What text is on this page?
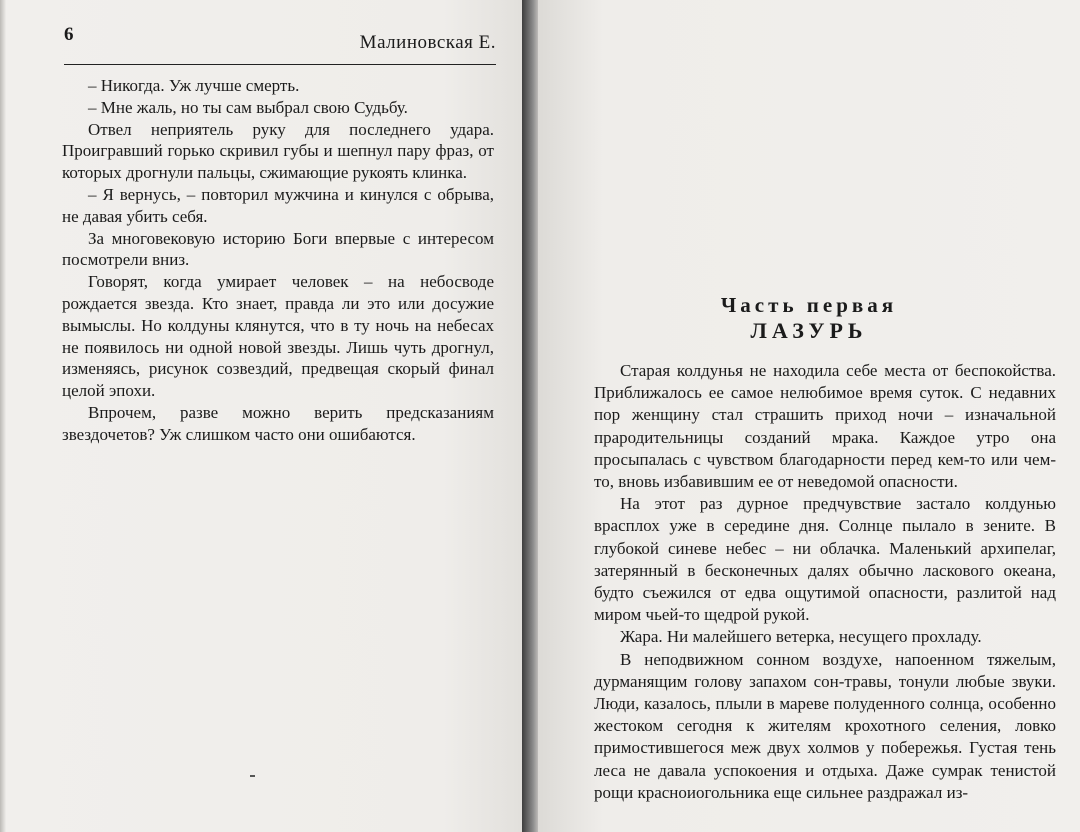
6	Малиновская Е.

– Никогда. Уж лучше смерть.

– Мне жаль, но ты сам выбрал свою Судьбу.

Отвел неприятель руку для последнего удара. Проигравший горько скривил губы и шепнул пару фраз, от которых дрогнули пальцы, сжимающие рукоять клинка.

– Я вернусь, – повторил мужчина и кинулся с обрыва, не давая убить себя.

За многовековую историю Боги впервые с интересом посмотрели вниз.

Говорят, когда умирает человек – на небосводе рождается звезда. Кто знает, правда ли это или досужие вымыслы. Но колдуны клянутся, что в ту ночь на небесах не появилось ни одной новой звезды. Лишь чуть дрогнул, изменяясь, рисунок созвездий, предвещая скорый финал целой эпохи.

Впрочем, разве можно верить предсказаниям звездочетов? Уж слишком часто они ошибаются.

Часть первая
ЛАЗУРЬ

Старая колдунья не находила себе места от беспокойства. Приближалось ее самое нелюбимое время суток. С недавних пор женщину стал страшить приход ночи – изначальной прародительницы созданий мрака. Каждое утро она просыпалась с чувством благодарности перед кем-то или чем-то, вновь избавившим ее от неведомой опасности.

На этот раз дурное предчувствие застало колдунью врасплох уже в середине дня. Солнце пылало в зените. В глубокой синеве небес – ни облачка. Маленький архипелаг, затерянный в бесконечных далях обычно ласкового океана, будто съежился от едва ощутимой опасности, разлитой над миром чьей-то щедрой рукой.

Жара. Ни малейшего ветерка, несущего прохладу.

В неподвижном сонном воздухе, напоенном тяжелым, дурманящим голову запахом сон-травы, тонули любые звуки. Люди, казалось, плыли в мареве полуденного солнца, особенно жестоком сегодня к жителям крохотного селения, ловко примостившегося меж двух холмов у побережья. Густая тень леса не давала успокоения и отдыха. Даже сумрак тенистой рощи красноиогольника еще сильнее раздражал из-
